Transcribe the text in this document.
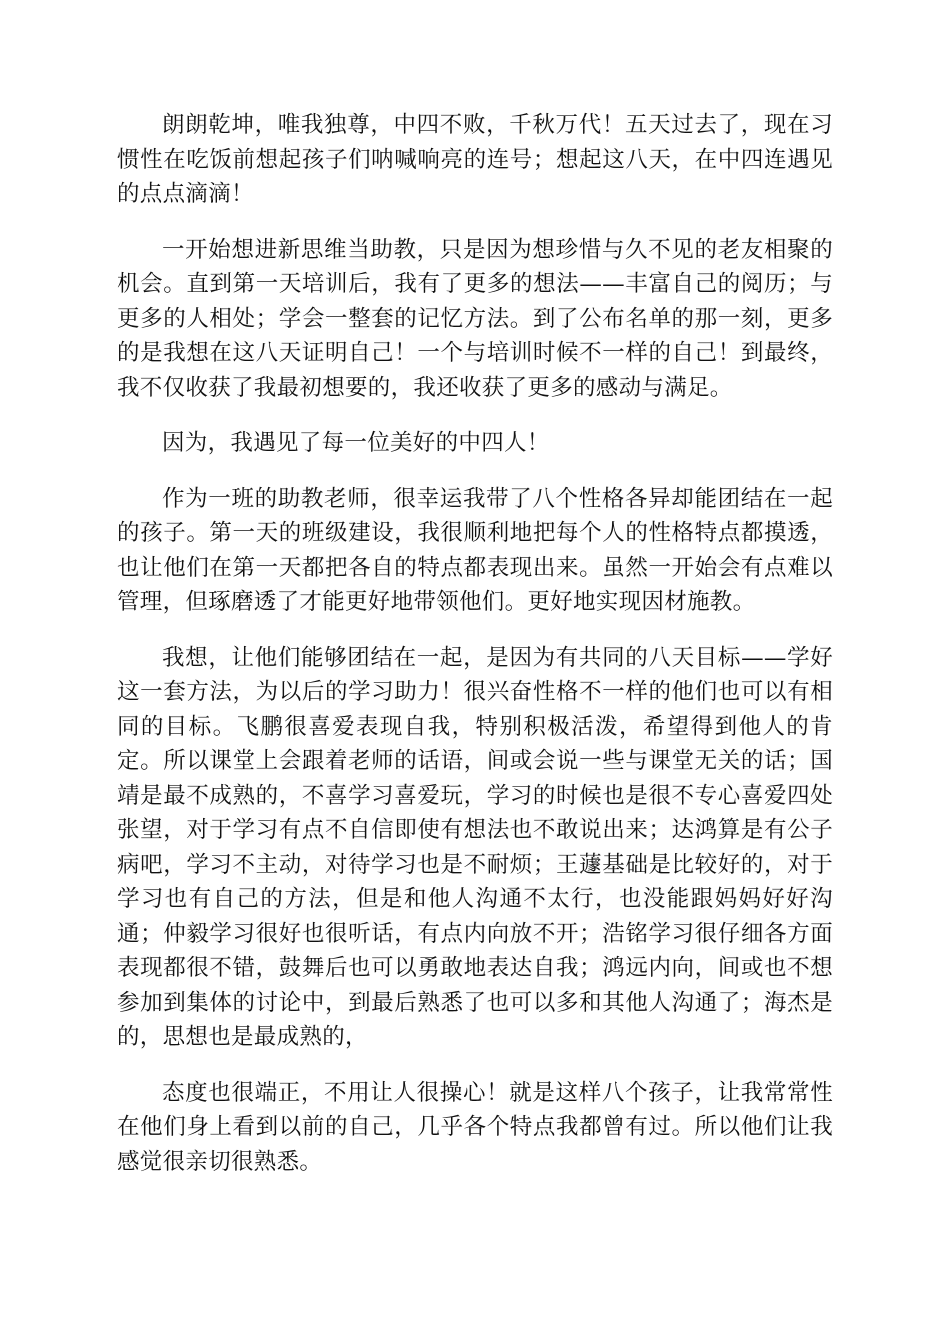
朗朗乾坤，唯我独尊，中四不败，千秋万代！五天过去了，现在习惯性在吃饭前想起孩子们呐喊响亮的连号；想起这八天，在中四连遇见的点点滴滴！

一开始想进新思维当助教，只是因为想珍惜与久不见的老友相聚的机会。直到第一天培训后，我有了更多的想法——丰富自己的阅历；与更多的人相处；学会一整套的记忆方法。到了公布名单的那一刻，更多的是我想在这八天证明自己！一个与培训时候不一样的自己！到最终，我不仅收获了我最初想要的，我还收获了更多的感动与满足。

因为，我遇见了每一位美好的中四人！

作为一班的助教老师，很幸运我带了八个性格各异却能团结在一起的孩子。第一天的班级建设，我很顺利地把每个人的性格特点都摸透，也让他们在第一天都把各自的特点都表现出来。虽然一开始会有点难以管理，但琢磨透了才能更好地带领他们。更好地实现因材施教。

我想，让他们能够团结在一起，是因为有共同的八天目标——学好这一套方法，为以后的学习助力！很兴奋性格不一样的他们也可以有相同的目标。飞鹏很喜爱表现自我，特别积极活泼，希望得到他人的肯定。所以课堂上会跟着老师的话语，间或会说一些与课堂无关的话；国靖是最不成熟的，不喜学习喜爱玩，学习的时候也是很不专心喜爱四处张望，对于学习有点不自信即使有想法也不敢说出来；达鸿算是有公子病吧，学习不主动，对待学习也是不耐烦；王蘧基础是比较好的，对于学习也有自己的方法，但是和他人沟通不太行，也没能跟妈妈好好沟通；仲毅学习很好也很听话，有点内向放不开；浩铭学习很仔细各方面表现都很不错，鼓舞后也可以勇敢地表达自我；鸿远内向，间或也不想参加到集体的讨论中，到最后熟悉了也可以多和其他人沟通了；海杰是的，思想也是最成熟的，

态度也很端正，不用让人很操心！就是这样八个孩子，让我常常性在他们身上看到以前的自己，几乎各个特点我都曾有过。所以他们让我感觉很亲切很熟悉。
